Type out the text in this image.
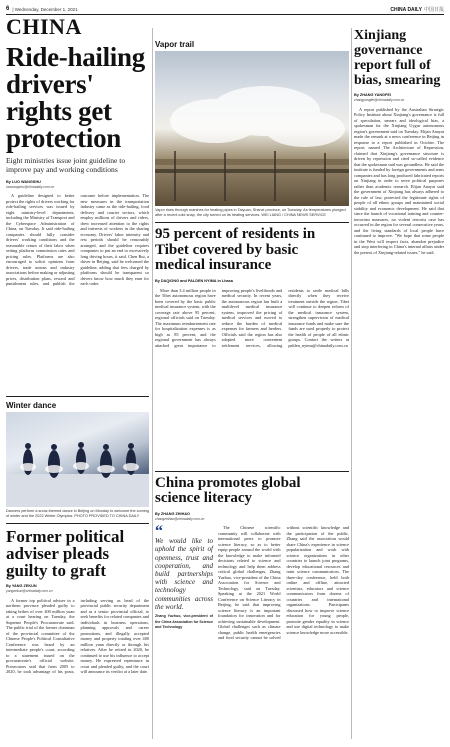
6 | Wednesday, December 1, 2021	CHINA DAILY 中国日报
CHINA
Ride-hailing drivers' rights get protection
Eight ministries issue joint guideline to improve pay and working conditions
By LUO WANGSHU
luowangshu@chinadaily.com.cn

A guideline designed to better protect the rights of drivers working for ride-hailing services was issued by eight ministry-level departments, including the Ministry of Transport and the Cyberspace Administration of China, on Tuesday. It said ride-hailing companies should fully consider drivers' working conditions and the reasonable return of their labor when setting platform commission rates and pricing rules. Platforms are also encouraged to solicit opinions from drivers, trade unions and industry associations before making or adjusting prices, distribution plans, reward and punishment rules, and publish the outcome before implementation. The new measures in the transportation industry came as the ride-hailing, food delivery and courier sectors, which employ millions of drivers and riders, drew increased attention to the rights and interests of workers in the sharing economy. Drivers' labor intensity and rest periods should be reasonably arranged, and the guideline requires companies to put an end to excessively long driving hours, it said. Chen Rui, a driver in Beijing, said he welcomed the guideline, adding that fees charged by platforms should be transparent so drivers know how much they earn for each order.

Winter dance
Dancers perform a snow-themed dance in Beijing on Monday to welcome the coming of winter and the 2022 Winter Olympics. PHOTO PROVIDED TO CHINA DAILY
Former political adviser pleads guilty to graft
By YANG ZEKUN
yangzekun@chinadaily.com.cn

A former top political adviser in a northern province pleaded guilty to taking bribes of over 400 million yuan at a court hearing on Tuesday, the Supreme People's Procuratorate said. The public trial of the former chairman of the provincial committee of the Chinese People's Political Consultative Conference was heard by an intermediate people's court, according to a statement issued on the procuratorate's official website. Prosecutors said that from 2005 to 2020, he took advantage of his posts, including serving as head of the provincial public security department and as a senior provincial official, to seek benefits for related companies and individuals in business operations, planning approvals and career promotions, and illegally accepted money and property totaling over 400 million yuan directly or through his relatives. After he retired in 2020, he continued to use his influence to accept money. He expressed repentance in court and pleaded guilty, and the court will announce its verdict at a later date.

Vapor trail
Vapor rises through marshes for heating pipes in Taiyuan, Shanxi province, on Tuesday. As temperatures plunged after a recent cold snap, the city turned on its heating services. WEI LIANG / CHINA NEWS SERVICE
95 percent of residents in Tibet covered by basic medical insurance
By DAQIONG and PALDEN NYIMA in Lhasa

More than 3.4 million people in the Tibet autonomous region have been covered by the basic public medical insurance system, with the coverage rate above 95 percent, regional officials said on Tuesday. The maximum reimbursement rate for hospitalization expenses is as high as 85 percent, and the regional government has always attached great importance to improving people's livelihoods and medical security. In recent years, the autonomous region has built a multilevel medical insurance system, improved the pricing of medical services and moved to reduce the burden of medical expenses for farmers and herders. Officials said the region has also adopted more convenient settlement services, allowing residents to settle medical bills directly when they receive treatment outside the region. Tibet will continue to deepen reform of the medical insurance system, strengthen supervision of medical insurance funds and make sure the funds are used properly to protect the health of people of all ethnic groups. Contact the writers at palden_nyima@chinadaily.com.cn

China promotes global science literacy
By ZHANG ZHIHAO
zhangzhihao@chinadaily.com.cn
“
We would like to uphold the spirit of openness, trust and cooperation, and build partnerships with science and technology communities across the world.
Zhang Yuzhuo, vice-president of the China Association for Science and Technology

The Chinese scientific community will collaborate with international peers to promote science literacy, so as to better equip people around the world with the knowledge to make informed decisions related to science and technology and help them address critical global challenges, Zhang Yuzhuo, vice-president of the China Association for Science and Technology, said on Tuesday. Speaking at the 2021 World Conference on Science Literacy in Beijing, he said that improving science literacy is an important foundation for innovation and for achieving sustainable development. Global challenges such as climate change, public health emergencies and food security cannot be solved without scientific knowledge and the participation of the public. Zhang said the association would share China's experience in science popularization and work with science organizations in other countries to launch joint programs, develop educational resources and train science communicators. The three-day conference, held both online and offline, attracted scientists, educators and science communicators from dozens of countries and international organizations. Participants discussed how to improve science education for young people, promote gender equality in science and use digital technology to make science knowledge more accessible.

Xinjiang governance report full of bias, smearing
By ZHANG YANGFEI
zhangyangfei@chinadaily.com.cn

A report published by the Australian Strategic Policy Institute about Xinjiang's governance is full of speculation, smears and ideological bias, a spokesman for the Xinjiang Uygur autonomous region's government said on Tuesday. Elijan Anayat made the remark at a news conference in Beijing in response to a report published in October. The report, named The Architecture of Repression, claimed that Xinjiang's governance structure is driven by repression and cited so-called evidence that the spokesman said was groundless. He said the institute is funded by foreign governments and arms companies and has long produced fabricated reports on Xinjiang in order to serve political purposes rather than academic research. Elijan Anayat said the government of Xinjiang has always adhered to the rule of law, protected the legitimate rights of people of all ethnic groups and maintained social stability and economic development. He said that since the launch of vocational training and counter-terrorism measures, no violent terrorist case has occurred in the region for several consecutive years, and the living standards of local people have continued to improve. "We hope that some people in the West will respect facts, abandon prejudice and stop interfering in China's internal affairs under the pretext of Xinjiang-related issues," he said.
